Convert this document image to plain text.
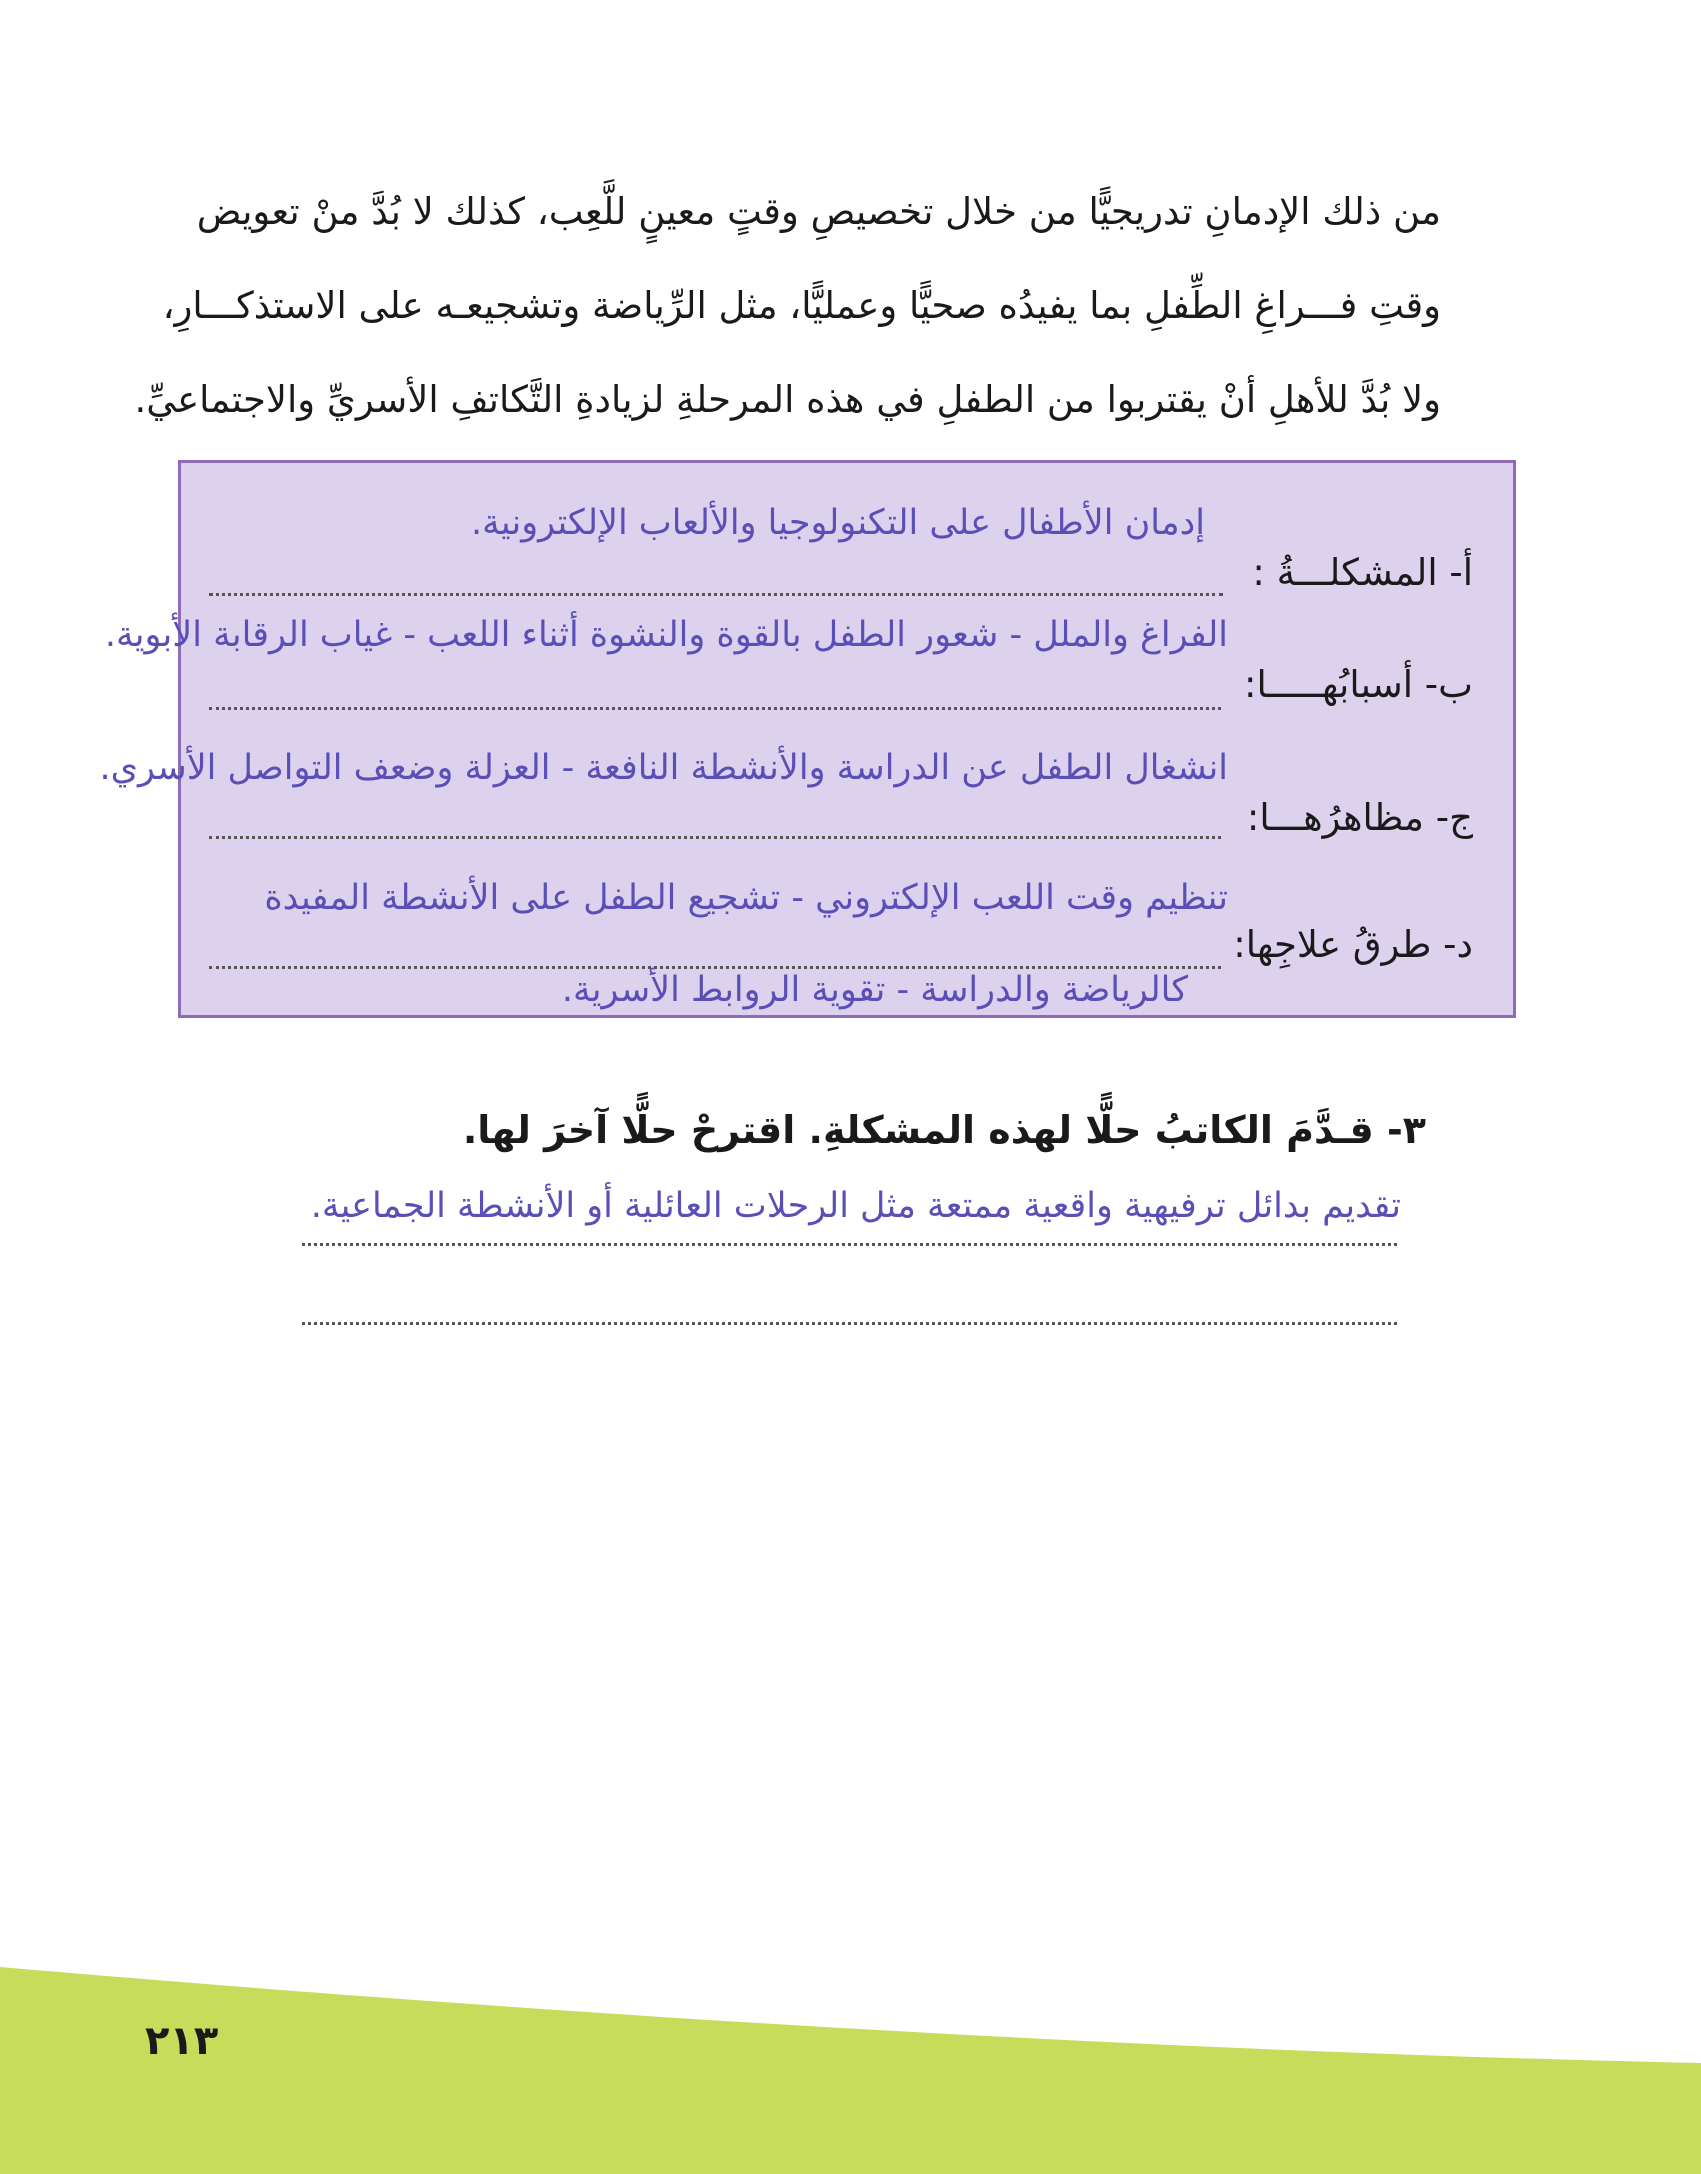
من ذلك الإدمانِ تدريجيًّا من خلال تخصيصِ وقتٍ معينٍ للَّعِب، كذلك لا بُدَّ منْ تعويض

وقتِ فـــراغِ الطِّفلِ بما يفيدُه صحيًّا وعمليًّا، مثل الرِّياضة وتشجيعـه على الاستذكـــارِ،

ولا بُدَّ للأهلِ أنْ يقتربوا من الطفلِ في هذه المرحلةِ لزيادةِ التَّكاتفِ الأسريِّ والاجتماعيِّ.

إدمان الأطفال على التكنولوجيا والألعاب الإلكترونية.
أ- المشكلـــةُ :
الفراغ والملل - شعور الطفل بالقوة والنشوة أثناء اللعب - غياب الرقابة الأبوية.
ب- أسبابُهـــــا:
انشغال الطفل عن الدراسة والأنشطة النافعة - العزلة وضعف التواصل الأسري.
ج- مظاهرُهـــا:
تنظيم وقت اللعب الإلكتروني - تشجيع الطفل على الأنشطة المفيدة
د- طرقُ علاجِها:
كالرياضة والدراسة - تقوية الروابط الأسرية.
٣- قـدَّمَ الكاتبُ حلًّا لهذه المشكلةِ. اقترحْ حلًّا آخرَ لها.
تقديم بدائل ترفيهية واقعية ممتعة مثل الرحلات العائلية أو الأنشطة الجماعية.
٢١٣
